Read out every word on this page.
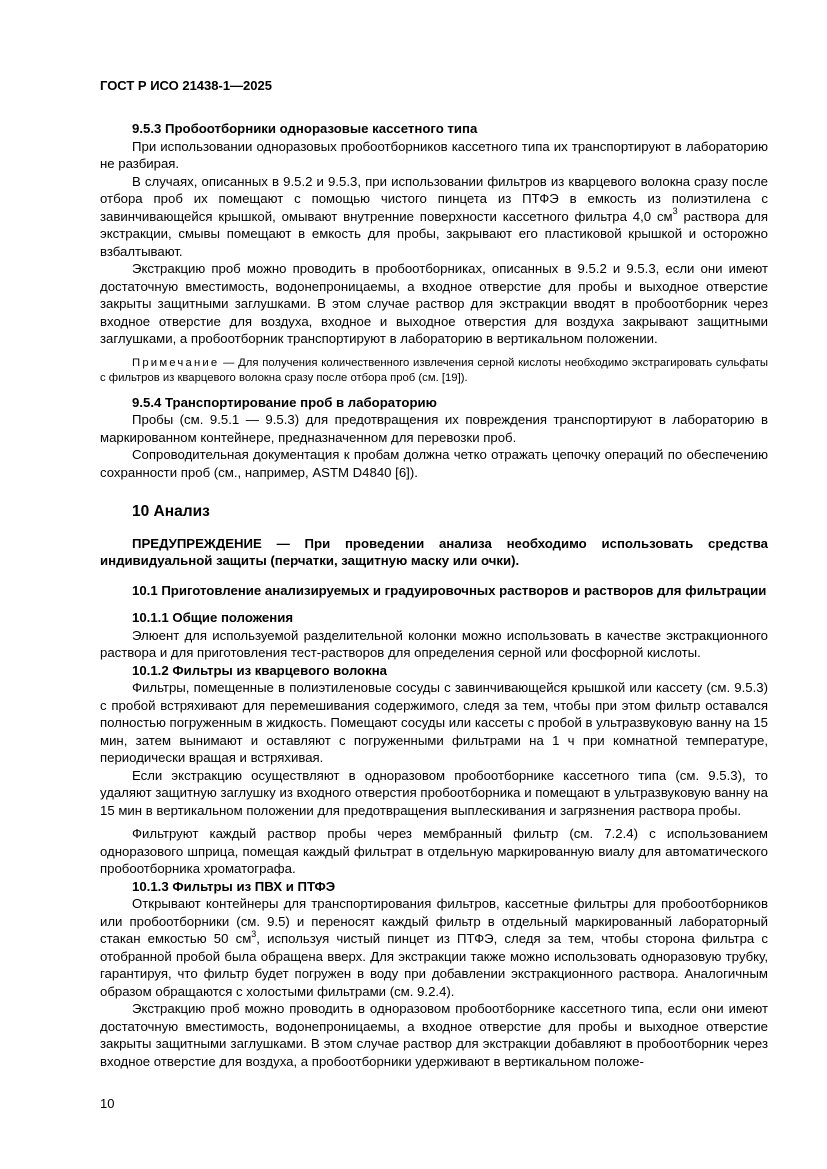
ГОСТ Р ИСО 21438-1—2025

9.5.3 Пробоотборники одноразовые кассетного типа

При использовании одноразовых пробоотборников кассетного типа их транспортируют в лабораторию не разбирая.

В случаях, описанных в 9.5.2 и 9.5.3, при использовании фильтров из кварцевого волокна сразу после отбора проб их помещают с помощью чистого пинцета из ПТФЭ в емкость из полиэтилена с завинчивающейся крышкой, омывают внутренние поверхности кассетного фильтра 4,0 $см^3$ раствора для экстракции, смывы помещают в емкость для пробы, закрывают его пластиковой крышкой и осторожно взбалтывают.

Экстракцию проб можно проводить в пробоотборниках, описанных в 9.5.2 и 9.5.3, если они имеют достаточную вместимость, водонепроницаемы, а входное отверстие для пробы и выходное отверстие закрыты защитными заглушками. В этом случае раствор для экстракции вводят в пробоотборник через входное отверстие для воздуха, входное и выходное отверстия для воздуха закрывают защитными заглушками, а пробоотборник транспортируют в лабораторию в вертикальном положении.

Примечание — Для получения количественного извлечения серной кислоты необходимо экстрагировать сульфаты с фильтров из кварцевого волокна сразу после отбора проб (см. [19]).

9.5.4 Транспортирование проб в лабораторию

Пробы (см. 9.5.1 — 9.5.3) для предотвращения их повреждения транспортируют в лабораторию в маркированном контейнере, предназначенном для перевозки проб.

Сопроводительная документация к пробам должна четко отражать цепочку операций по обеспечению сохранности проб (см., например, ASTM D4840 [6]).

10 Анализ

ПРЕДУПРЕЖДЕНИЕ — При проведении анализа необходимо использовать средства индивидуальной защиты (перчатки, защитную маску или очки).

10.1 Приготовление анализируемых и градуировочных растворов и растворов для фильтрации

10.1.1 Общие положения

Элюент для используемой разделительной колонки можно использовать в качестве экстракционного раствора и для приготовления тест-растворов для определения серной или фосфорной кислоты.

10.1.2 Фильтры из кварцевого волокна

Фильтры, помещенные в полиэтиленовые сосуды с завинчивающейся крышкой или кассету (см. 9.5.3) с пробой встряхивают для перемешивания содержимого, следя за тем, чтобы при этом фильтр оставался полностью погруженным в жидкость. Помещают сосуды или кассеты с пробой в ультразвуковую ванну на 15 мин, затем вынимают и оставляют с погруженными фильтрами на 1 ч при комнатной температуре, периодически вращая и встряхивая.

Если экстракцию осуществляют в одноразовом пробоотборнике кассетного типа (см. 9.5.3), то удаляют защитную заглушку из входного отверстия пробоотборника и помещают в ультразвуковую ванну на 15 мин в вертикальном положении для предотвращения выплескивания и загрязнения раствора пробы.

Фильтруют каждый раствор пробы через мембранный фильтр (см. 7.2.4) с использованием одноразового шприца, помещая каждый фильтрат в отдельную маркированную виалу для автоматического пробоотборника хроматографа.

10.1.3 Фильтры из ПВХ и ПТФЭ

Открывают контейнеры для транспортирования фильтров, кассетные фильтры для пробоотборников или пробоотборники (см. 9.5) и переносят каждый фильтр в отдельный маркированный лабораторный стакан емкостью 50 $см^3$, используя чистый пинцет из ПТФЭ, следя за тем, чтобы сторона фильтра с отобранной пробой была обращена вверх. Для экстракции также можно использовать одноразовую трубку, гарантируя, что фильтр будет погружен в воду при добавлении экстракционного раствора. Аналогичным образом обращаются с холостыми фильтрами (см. 9.2.4).

Экстракцию проб можно проводить в одноразовом пробоотборнике кассетного типа, если они имеют достаточную вместимость, водонепроницаемы, а входное отверстие для пробы и выходное отверстие закрыты защитными заглушками. В этом случае раствор для экстракции добавляют в пробоотборник через входное отверстие для воздуха, а пробоотборники удерживают в вертикальном положе-

10
